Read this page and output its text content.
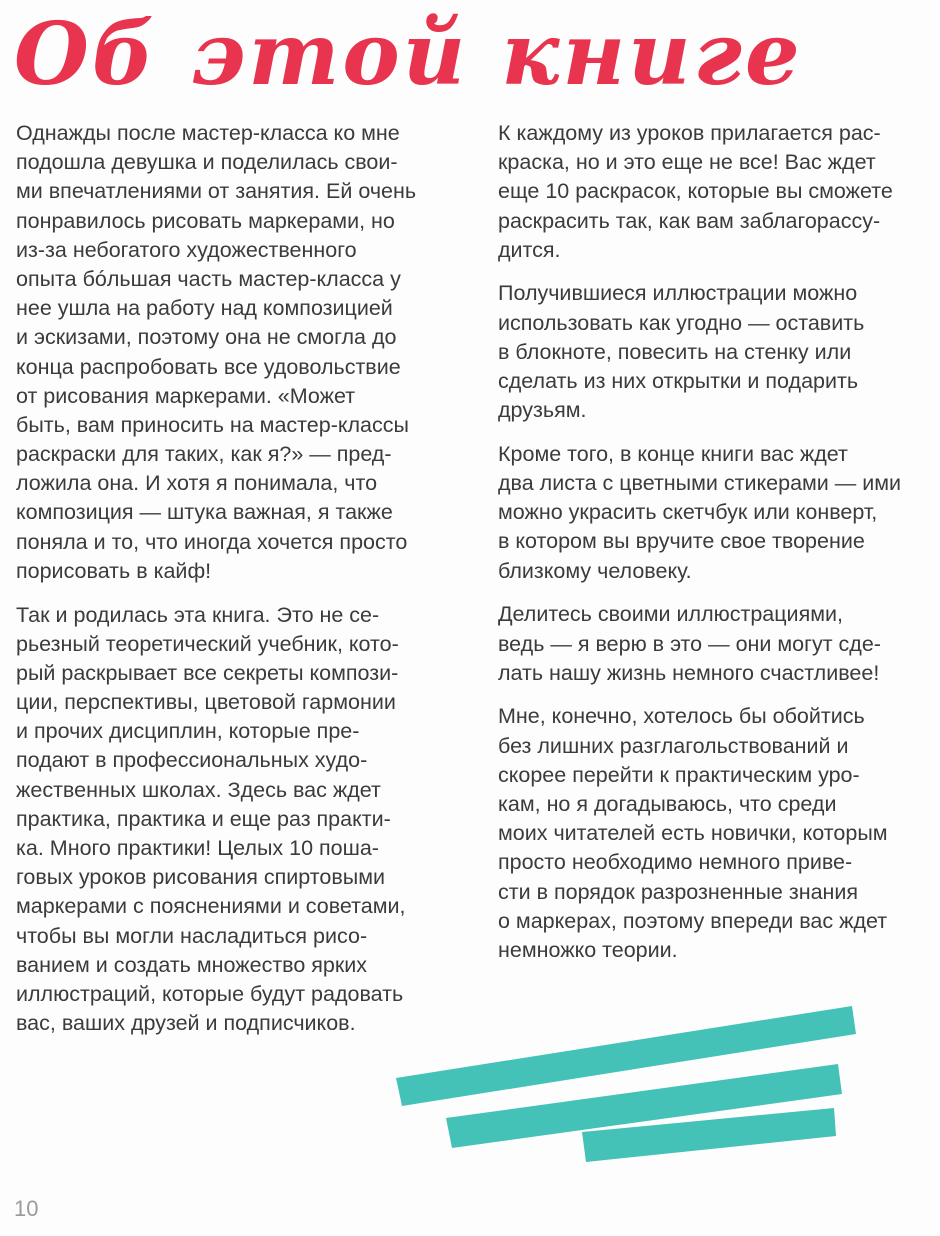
Об этой книге

Однажды после мастер-класса ко мне
подошла девушка и поделилась свои-
ми впечатлениями от занятия. Ей очень
понравилось рисовать маркерами, но
из-за небогатого художественного
опыта бóльшая часть мастер-класса у
нее ушла на работу над композицией
и эскизами, поэтому она не смогла до
конца распробовать все удовольствие
от рисования маркерами. «Может
быть, вам приносить на мастер-классы
раскраски для таких, как я?» — пред-
ложила она. И хотя я понимала, что
композиция — штука важная, я также
поняла и то, что иногда хочется просто
порисовать в кайф!

Так и родилась эта книга. Это не се-
рьезный теоретический учебник, кото-
рый раскрывает все секреты компози-
ции, перспективы, цветовой гармонии
и прочих дисциплин, которые пре-
подают в профессиональных худо-
жественных школах. Здесь вас ждет
практика, практика и еще раз практи-
ка. Много практики! Целых 10 поша-
говых уроков рисования спиртовыми
маркерами с пояснениями и советами,
чтобы вы могли насладиться рисо-
ванием и создать множество ярких
иллюстраций, которые будут радовать
вас, ваших друзей и подписчиков.

К каждому из уроков прилагается рас-
краска, но и это еще не все! Вас ждет
еще 10 раскрасок, которые вы сможете
раскрасить так, как вам заблагорассу-
дится.

Получившиеся иллюстрации можно
использовать как угодно — оставить
в блокноте, повесить на стенку или
сделать из них открытки и подарить
друзьям.

Кроме того, в конце книги вас ждет
два листа с цветными стикерами — ими
можно украсить скетчбук или конверт,
в котором вы вручите свое творение
близкому человеку.

Делитесь своими иллюстрациями,
ведь — я верю в это — они могут сде-
лать нашу жизнь немного счастливее!

Мне, конечно, хотелось бы обойтись
без лишних разглагольствований и
скорее перейти к практическим уро-
кам, но я догадываюсь, что среди
моих читателей есть новички, которым
просто необходимо немного приве-
сти в порядок разрозненные знания
о маркерах, поэтому впереди вас ждет
немножко теории.

10
